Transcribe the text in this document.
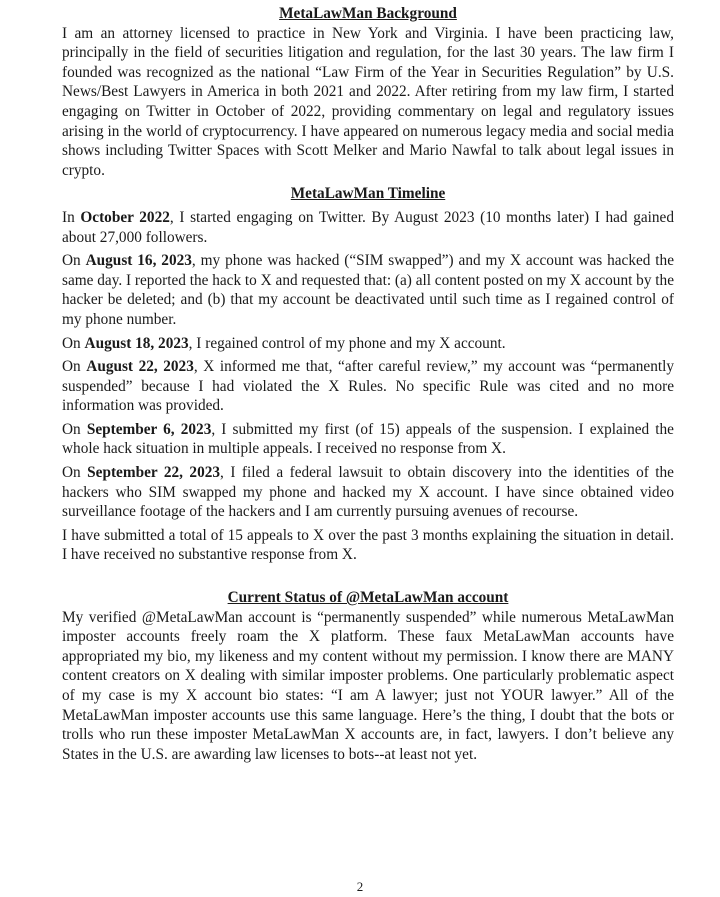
MetaLawMan Background
I am an attorney licensed to practice in New York and Virginia. I have been practicing law, principally in the field of securities litigation and regulation, for the last 30 years. The law firm I founded was recognized as the national “Law Firm of the Year in Securities Regulation” by U.S. News/Best Lawyers in America in both 2021 and 2022. After retiring from my law firm, I started engaging on Twitter in October of 2022, providing commentary on legal and regulatory issues arising in the world of cryptocurrency. I have appeared on numerous legacy media and social media shows including Twitter Spaces with Scott Melker and Mario Nawfal to talk about legal issues in crypto.
MetaLawMan Timeline
In October 2022, I started engaging on Twitter. By August 2023 (10 months later) I had gained about 27,000 followers.
On August 16, 2023, my phone was hacked (“SIM swapped”) and my X account was hacked the same day. I reported the hack to X and requested that: (a) all content posted on my X account by the hacker be deleted; and (b) that my account be deactivated until such time as I regained control of my phone number.
On August 18, 2023, I regained control of my phone and my X account.
On August 22, 2023, X informed me that, “after careful review,” my account was “permanently suspended” because I had violated the X Rules. No specific Rule was cited and no more information was provided.
On September 6, 2023, I submitted my first (of 15) appeals of the suspension. I explained the whole hack situation in multiple appeals. I received no response from X.
On September 22, 2023, I filed a federal lawsuit to obtain discovery into the identities of the hackers who SIM swapped my phone and hacked my X account. I have since obtained video surveillance footage of the hackers and I am currently pursuing avenues of recourse.
I have submitted a total of 15 appeals to X over the past 3 months explaining the situation in detail. I have received no substantive response from X.
Current Status of @MetaLawMan account
My verified @MetaLawMan account is “permanently suspended” while numerous MetaLawMan imposter accounts freely roam the X platform. These faux MetaLawMan accounts have appropriated my bio, my likeness and my content without my permission. I know there are MANY content creators on X dealing with similar imposter problems. One particularly problematic aspect of my case is my X account bio states: “I am A lawyer; just not YOUR lawyer.” All of the MetaLawMan imposter accounts use this same language. Here’s the thing, I doubt that the bots or trolls who run these imposter MetaLawMan X accounts are, in fact, lawyers. I don’t believe any States in the U.S. are awarding law licenses to bots--at least not yet.
2
